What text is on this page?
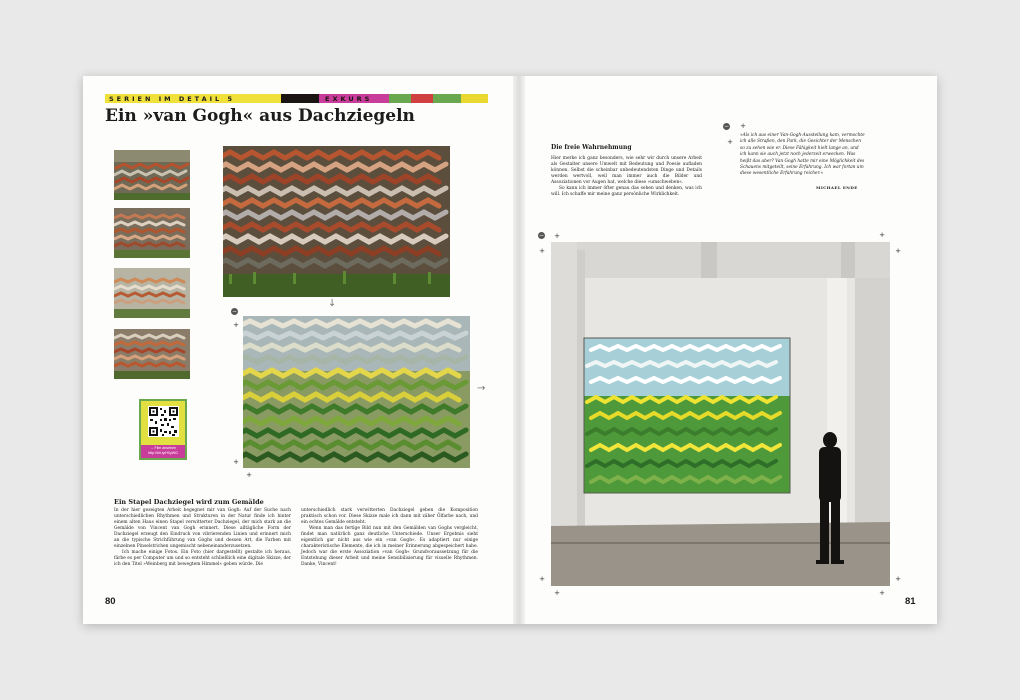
SERIEN IM DETAIL 5	EXKURS
Ein »van Gogh« aus Dachziegeln
→ Film ansehen
http://bit.ly/H0yWG
↓
−
+
+
+
→
Ein Stapel Dachziegel wird zum Gemälde

In der hier gezeigten Arbeit begegnet mir van Gogh: Auf der Suche nach unterschiedlichen Rhythmen und Strukturen in der Natur finde ich hinter einem alten Haus einen Stapel verwitterter Dachziegel, der mich stark an die Gemälde von Vincent van Gogh erinnert. Diese alltägliche Form der Dachziegel erzeugt den Eindruck von vibrierenden Linien und erinnert mich an die typische Strichführung van Goghs und dessen Art, die Farben mit einzelnen Pinselstrichen ungemischt nebeneinanderzusetzen.

Ich mache einige Fotos. Ein Foto (hier dargestellt) gestalte ich heraus, färbe es per Computer um und so entsteht schließlich eine digitale Skizze, der ich den Titel »Weinberg mit bewegtem Himmel« geben würde. Die

unterschiedlich stark verwitterten Dachziegel geben die Komposition praktisch schon vor. Diese Skizze male ich dann mit zäher Ölfarbe nach, und ein echtes Gemälde entsteht.

Wenn man das fertige Bild nun mit den Gemälden van Goghs vergleicht, findet man natürlich ganz deutliche Unterschiede. Unser Ergebnis sieht eigentlich gar nicht aus wie ein »van Gogh«. Es adaptiert nur einige charakteristische Elemente, die ich in meiner Erinnerung abgespeichert habe. Jedoch war die erste Assoziation »van Gogh« Grundvoraussetzung für die Entstehung dieser Arbeit und meine Sensibilisierung für visuelle Rhythmen. Danke, Vincent!

80
Die freie Wahrnehmung

Hier merke ich ganz besonders, wie sehr wir durch unsere Arbeit als Gestalter unsere Umwelt mit Bedeutung und Poesie aufladen können. Selbst die scheinbar unbedeutendsten Dinge und Details werden wertvoll, weil man immer auch die Bilder und Assoziationen vor Augen hat, welche diese »umschweben«.

So kann ich immer öfter genau das sehen und denken, was ich will. Ich schaffe mir meine ganz persönliche Wirklichkeit.

− +
+
»Als ich aus einer Van-Gogh-Ausstellung kam, vermochte ich alle Straßen, den Park, die Gesichter der Menschen so zu sehen wie er. Diese Fähigkeit hielt lange an, und ich kann sie auch jetzt noch jederzeit erwecken. Was heißt das aber? Van Gogh hatte mir eine Möglichkeit des Schauens mitgeteilt, seine Erfahrung. Ich war fortan um diese wesentliche Erfahrung reicher.«
MICHAEL ENDE
− +
+
+
+
+
+
+
+
81
